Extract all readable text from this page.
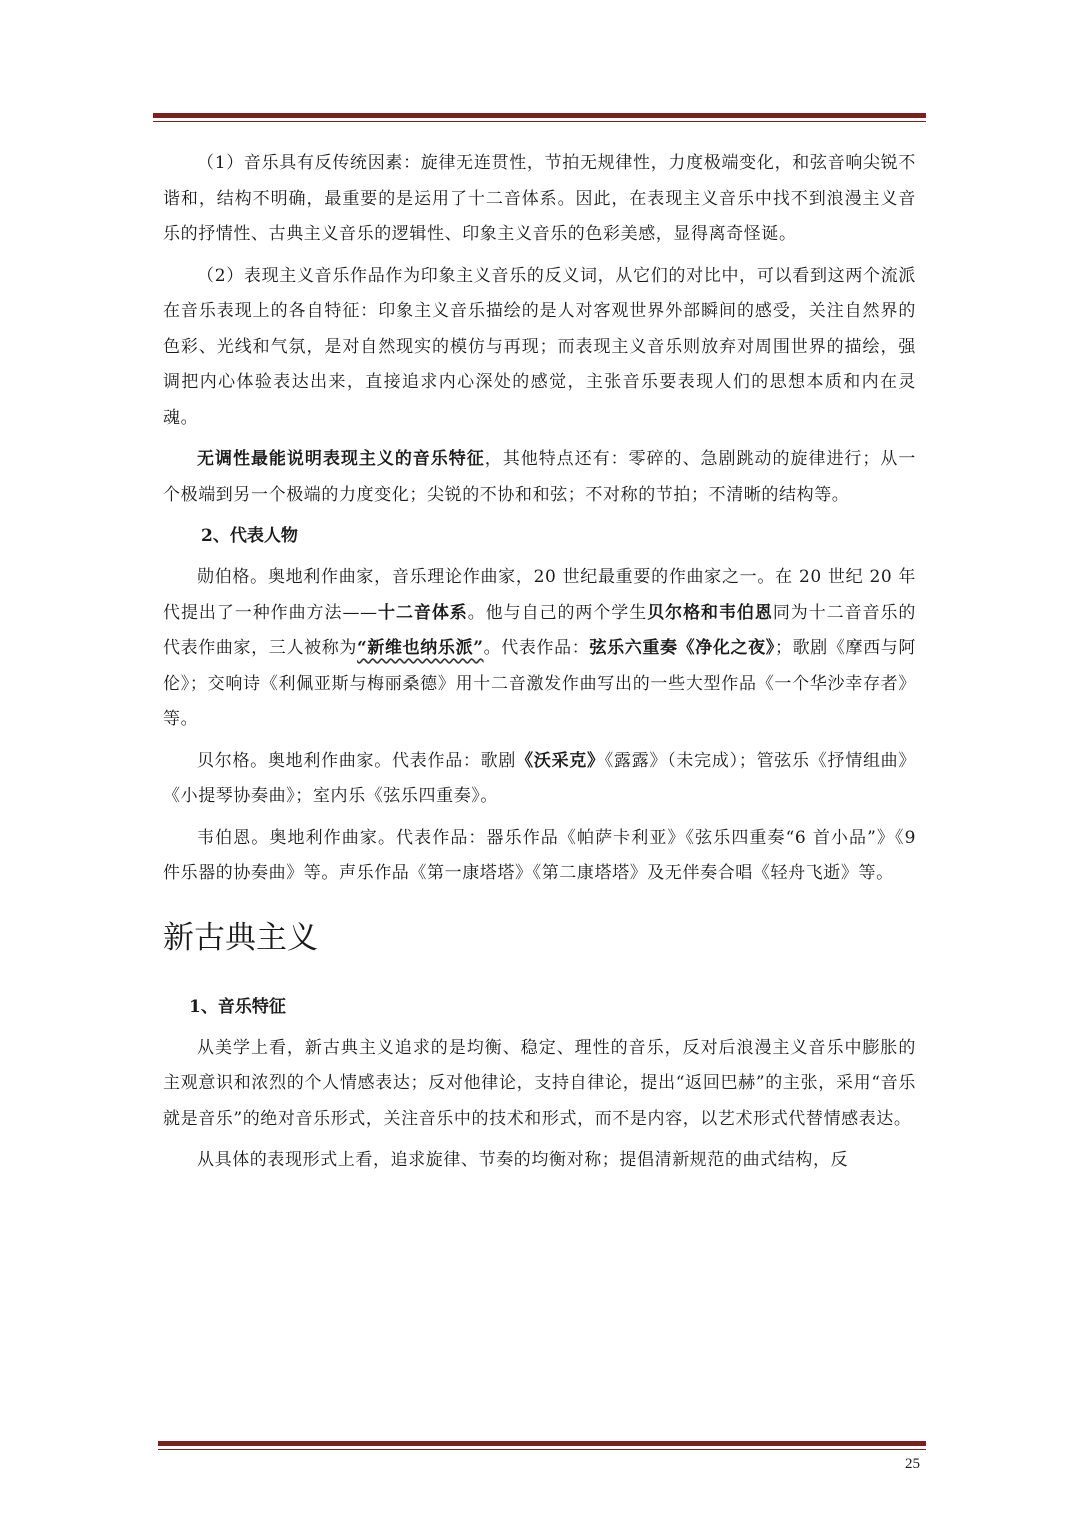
（1）音乐具有反传统因素：旋律无连贯性，节拍无规律性，力度极端变化，和弦音响尖锐不谐和，结构不明确，最重要的是运用了十二音体系。因此，在表现主义音乐中找不到浪漫主义音乐的抒情性、古典主义音乐的逻辑性、印象主义音乐的色彩美感，显得离奇怪诞。

（2）表现主义音乐作品作为印象主义音乐的反义词，从它们的对比中，可以看到这两个流派在音乐表现上的各自特征：印象主义音乐描绘的是人对客观世界外部瞬间的感受，关注自然界的色彩、光线和气氛，是对自然现实的模仿与再现；而表现主义音乐则放弃对周围世界的描绘，强调把内心体验表达出来，直接追求内心深处的感觉，主张音乐要表现人们的思想本质和内在灵魂。

无调性最能说明表现主义的音乐特征，其他特点还有：零碎的、急剧跳动的旋律进行；从一个极端到另一个极端的力度变化；尖锐的不协和和弦；不对称的节拍；不清晰的结构等。

2、代表人物

勋伯格。奥地利作曲家，音乐理论作曲家，20 世纪最重要的作曲家之一。在 20 世纪 20 年代提出了一种作曲方法——十二音体系。他与自己的两个学生贝尔格和韦伯恩同为十二音音乐的代表作曲家，三人被称为“新维也纳乐派”。代表作品：弦乐六重奏《净化之夜》；歌剧《摩西与阿伦》；交响诗《利佩亚斯与梅丽桑德》用十二音激发作曲写出的一些大型作品《一个华沙幸存者》等。

贝尔格。奥地利作曲家。代表作品：歌剧《沃采克》《露露》（未完成）；管弦乐《抒情组曲》《小提琴协奏曲》；室内乐《弦乐四重奏》。

韦伯恩。奥地利作曲家。代表作品：器乐作品《帕萨卡利亚》《弦乐四重奏“6 首小品”》《9 件乐器的协奏曲》等。声乐作品《第一康塔塔》《第二康塔塔》及无伴奏合唱《轻舟飞逝》等。

新古典主义
1、音乐特征

从美学上看，新古典主义追求的是均衡、稳定、理性的音乐，反对后浪漫主义音乐中膨胀的主观意识和浓烈的个人情感表达；反对他律论，支持自律论，提出“返回巴赫”的主张，采用“音乐就是音乐”的绝对音乐形式，关注音乐中的技术和形式，而不是内容，以艺术形式代替情感表达。

从具体的表现形式上看，追求旋律、节奏的均衡对称；提倡清新规范的曲式结构，反

25
